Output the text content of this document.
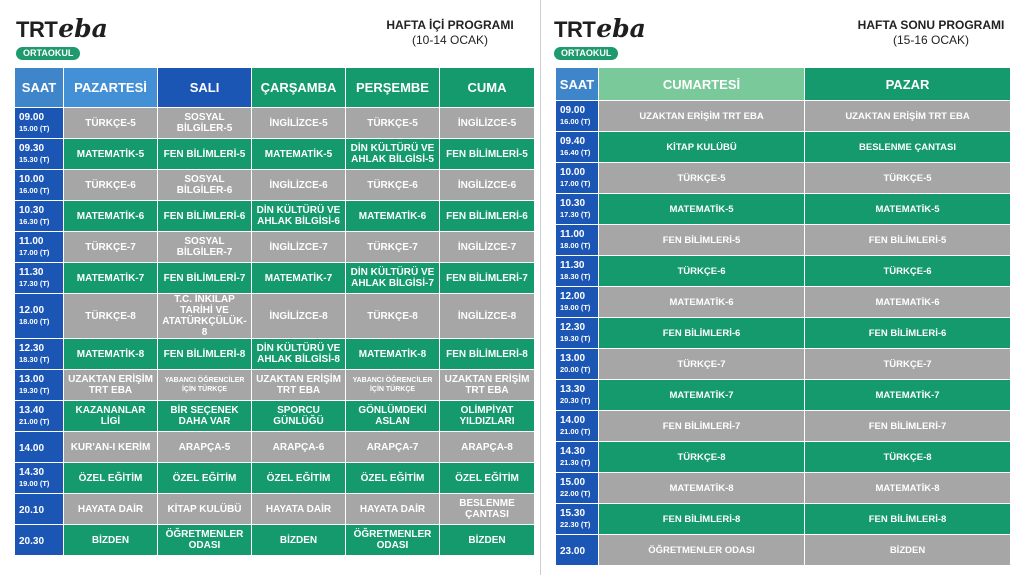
TRT eba
ORTAOKUL
HAFTA İÇİ PROGRAMI
(10-14 OCAK)
SAAT	PAZARTESİ	SALI	ÇARŞAMBA	PERŞEMBE	CUMA

09.00
15.00 (T)	TÜRKÇE-5	SOSYAL BİLGİLER-5	İNGİLİZCE-5	TÜRKÇE-5	İNGİLİZCE-5

09.30
15.30 (T)	MATEMATİK-5	FEN BİLİMLERİ-5	MATEMATİK-5	DİN KÜLTÜRÜ VE AHLAK BİLGİSİ-5	FEN BİLİMLERİ-5

10.00
16.00 (T)	TÜRKÇE-6	SOSYAL BİLGİLER-6	İNGİLİZCE-6	TÜRKÇE-6	İNGİLİZCE-6

10.30
16.30 (T)	MATEMATİK-6	FEN BİLİMLERİ-6	DİN KÜLTÜRÜ VE AHLAK BİLGİSİ-6	MATEMATİK-6	FEN BİLİMLERİ-6

11.00
17.00 (T)	TÜRKÇE-7	SOSYAL BİLGİLER-7	İNGİLİZCE-7	TÜRKÇE-7	İNGİLİZCE-7

11.30
17.30 (T)	MATEMATİK-7	FEN BİLİMLERİ-7	MATEMATİK-7	DİN KÜLTÜRÜ VE AHLAK BİLGİSİ-7	FEN BİLİMLERİ-7

12.00
18.00 (T)	TÜRKÇE-8	T.C. İNKILAP TARİHİ VE ATATÜRKÇÜLÜK-8	İNGİLİZCE-8	TÜRKÇE-8	İNGİLİZCE-8

12.30
18.30 (T)	MATEMATİK-8	FEN BİLİMLERİ-8	DİN KÜLTÜRÜ VE AHLAK BİLGİSİ-8	MATEMATİK-8	FEN BİLİMLERİ-8

13.00
19.30 (T)	UZAKTAN ERİŞİM TRT EBA	YABANCI ÖĞRENCİLER İÇİN TÜRKÇE	UZAKTAN ERİŞİM TRT EBA	YABANCI ÖĞRENCİLER İÇİN TÜRKÇE	UZAKTAN ERİŞİM TRT EBA

13.40
21.00 (T)	KAZANANLAR LİGİ	BİR SEÇENEK DAHA VAR	SPORCU GÜNLÜĞÜ	GÖNLÜMDEKİ ASLAN	OLİMPİYAT YILDIZLARI
14.00	KUR'AN-I KERİM	ARAPÇA-5	ARAPÇA-6	ARAPÇA-7	ARAPÇA-8

14.30
19.00 (T)	ÖZEL EĞİTİM	ÖZEL EĞİTİM	ÖZEL EĞİTİM	ÖZEL EĞİTİM	ÖZEL EĞİTİM
20.10	HAYATA DAİR	KİTAP KULÜBÜ	HAYATA DAİR	HAYATA DAİR	BESLENME ÇANTASI
20.30	BİZDEN	ÖĞRETMENLER ODASI	BİZDEN	ÖĞRETMENLER ODASI	BİZDEN
TRT eba
ORTAOKUL
HAFTA SONU PROGRAMI
(15-16 OCAK)
SAAT	CUMARTESİ	PAZAR

09.00
16.00 (T)	UZAKTAN ERİŞİM TRT EBA	UZAKTAN ERİŞİM TRT EBA

09.40
16.40 (T)	KİTAP KULÜBÜ	BESLENME ÇANTASI

10.00
17.00 (T)	TÜRKÇE-5	TÜRKÇE-5

10.30
17.30 (T)	MATEMATİK-5	MATEMATİK-5

11.00
18.00 (T)	FEN BİLİMLERİ-5	FEN BİLİMLERİ-5

11.30
18.30 (T)	TÜRKÇE-6	TÜRKÇE-6

12.00
19.00 (T)	MATEMATİK-6	MATEMATİK-6

12.30
19.30 (T)	FEN BİLİMLERİ-6	FEN BİLİMLERİ-6

13.00
20.00 (T)	TÜRKÇE-7	TÜRKÇE-7

13.30
20.30 (T)	MATEMATİK-7	MATEMATİK-7

14.00
21.00 (T)	FEN BİLİMLERİ-7	FEN BİLİMLERİ-7

14.30
21.30 (T)	TÜRKÇE-8	TÜRKÇE-8

15.00
22.00 (T)	MATEMATİK-8	MATEMATİK-8

15.30
22.30 (T)	FEN BİLİMLERİ-8	FEN BİLİMLERİ-8
23.00	ÖĞRETMENLER ODASI	BİZDEN
